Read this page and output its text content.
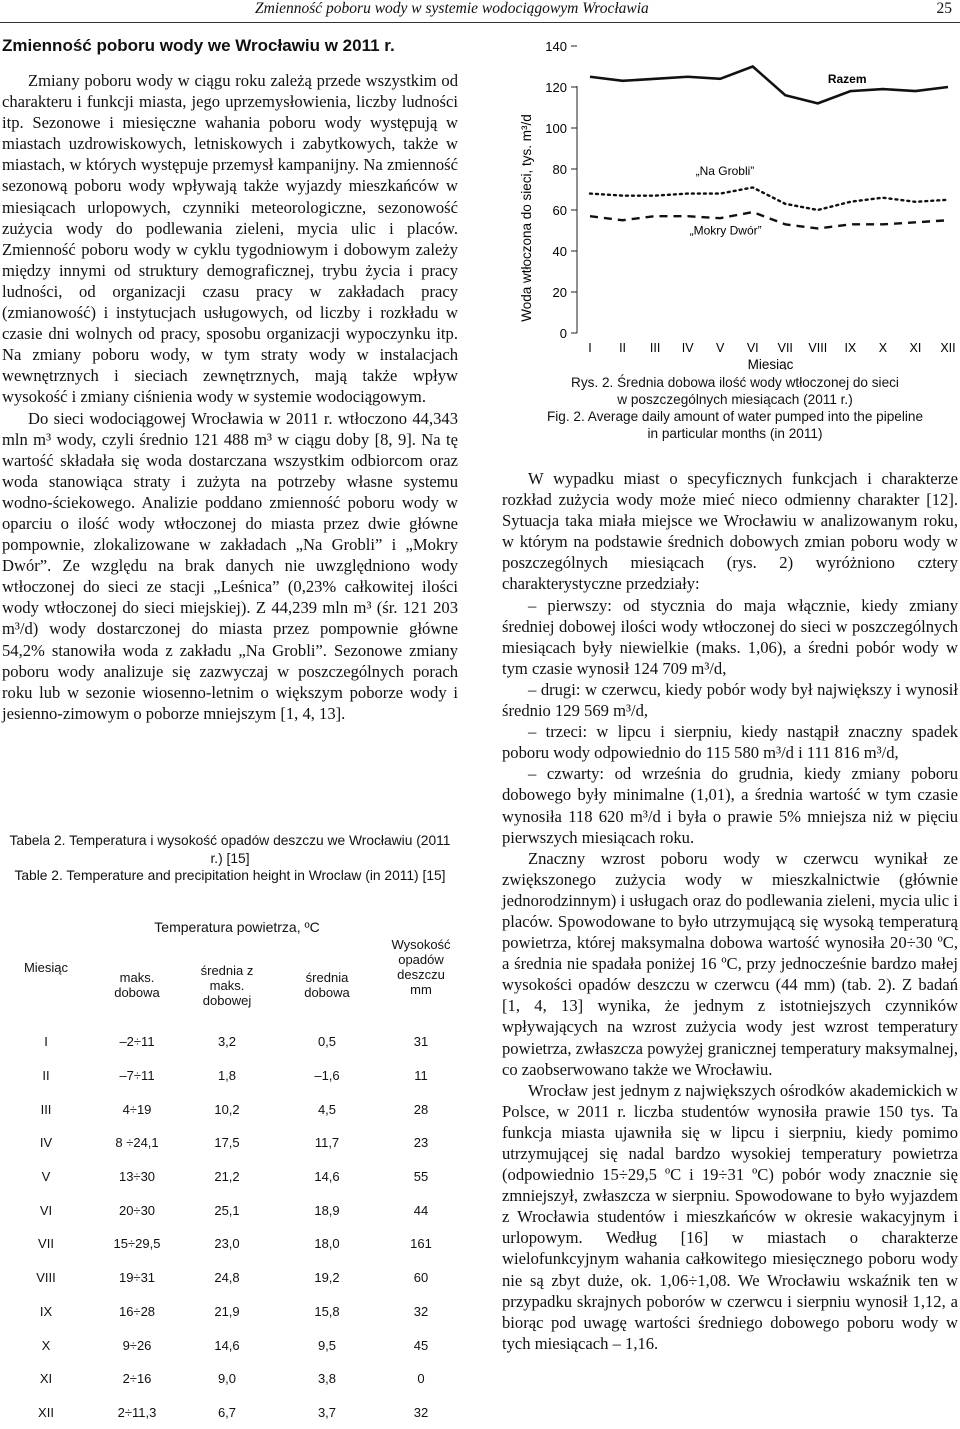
Zmienność poboru wody w systemie wodociągowym Wrocławia	25
Zmienność poboru wody we Wrocławiu w 2011 r.

Zmiany poboru wody w ciągu roku zależą przede wszystkim od charakteru i funkcji miasta, jego uprzemysłowienia, liczby ludności itp. Sezonowe i miesięczne wahania poboru wody występują w miastach uzdrowiskowych, letniskowych i zabytkowych, także w miastach, w których występuje przemysł kampanijny. Na zmienność sezonową poboru wody wpływają także wyjazdy mieszkańców w miesiącach urlopowych, czynniki meteorologiczne, sezonowość zużycia wody do podlewania zieleni, mycia ulic i placów. Zmienność poboru wody w cyklu tygodniowym i dobowym zależy między innymi od struktury demograficznej, trybu życia i pracy ludności, od organizacji czasu pracy w zakładach pracy (zmianowość) i instytucjach usługowych, od liczby i rozkładu w czasie dni wolnych od pracy, sposobu organizacji wypoczynku itp. Na zmiany poboru wody, w tym straty wody w instalacjach wewnętrznych i sieciach zewnętrznych, mają także wpływ wysokość i zmiany ciśnienia wody w systemie wodociągowym.

Do sieci wodociągowej Wrocławia w 2011 r. wtłoczono 44,343 mln m³ wody, czyli średnio 121 488 m³ w ciągu doby [8, 9]. Na tę wartość składała się woda dostarczana wszystkim odbiorcom oraz woda stanowiąca straty i zużyta na potrzeby własne systemu wodno-ściekowego. Analizie poddano zmienność poboru wody w oparciu o ilość wody wtłoczonej do miasta przez dwie główne pompownie, zlokalizowane w zakładach „Na Grobli” i „Mokry Dwór”. Ze względu na brak danych nie uwzględniono wody wtłoczonej do sieci ze stacji „Leśnica” (0,23% całkowitej ilości wody wtłoczonej do sieci miejskiej). Z 44,239 mln m³ (śr. 121 203 m³/d) wody dostarczonej do miasta przez pompownie główne 54,2% stanowiła woda z zakładu „Na Grobli”. Sezonowe zmiany poboru wody analizuje się zazwyczaj w poszczególnych porach roku lub w sezonie wiosenno-letnim o większym poborze wody i jesienno-zimowym o poborze mniejszym [1, 4, 13].

Tabela 2. Temperatura i wysokość opadów deszczu we Wrocławiu (2011 r.) [15]
Table 2. Temperature and precipitation height in Wroclaw (in 2011) [15]
Miesiąc	Temperatura powietrza, ºC			Wysokość opadów deszczu mm
	maks. dobowa	średnia z maks. dobowej	średnia dobowa	
I	–2÷11	3,2	0,5	31
II	–7÷11	1,8	–1,6	11
III	4÷19	10,2	4,5	28
IV	8 ÷24,1	17,5	11,7	23
V	13÷30	21,2	14,6	55
VI	20÷30	25,1	18,9	44
VII	15÷29,5	23,0	18,0	161
VIII	19÷31	24,8	19,2	60
IX	16÷28	21,9	15,8	32
X	9÷26	14,6	9,5	45
XI	2÷16	9,0	3,8	0
XII	2÷11,3	6,7	3,7	32
0
20
40
60
80
100
120
140
Woda wtłoczona do sieci, tys. m³/d
I II III IV V VI VII VIII IX X XI XII
Miesiąc
Razem
„Na Grobli”
„Mokry Dwór”
Rys. 2. Średnia dobowa ilość wody wtłoczonej do sieci
w poszczególnych miesiącach (2011 r.)
Fig. 2. Average daily amount of water pumped into the pipeline
in particular months (in 2011)

W wypadku miast o specyficznych funkcjach i charakterze rozkład zużycia wody może mieć nieco odmienny charakter [12]. Sytuacja taka miała miejsce we Wrocławiu w analizowanym roku, w którym na podstawie średnich dobowych zmian poboru wody w poszczególnych miesiącach (rys. 2) wyróżniono cztery charakterystyczne przedziały:

– pierwszy: od stycznia do maja włącznie, kiedy zmiany średniej dobowej ilości wody wtłoczonej do sieci w poszczególnych miesiącach były niewielkie (maks. 1,06), a średni pobór wody w tym czasie wynosił 124 709 m³/d,

– drugi: w czerwcu, kiedy pobór wody był największy i wynosił średnio 129 569 m³/d,

– trzeci: w lipcu i sierpniu, kiedy nastąpił znaczny spadek poboru wody odpowiednio do 115 580 m³/d i 111 816 m³/d,

– czwarty: od września do grudnia, kiedy zmiany poboru dobowego były minimalne (1,01), a średnia wartość w tym czasie wynosiła 118 620 m³/d i była o prawie 5% mniejsza niż w pięciu pierwszych miesiącach roku.

Znaczny wzrost poboru wody w czerwcu wynikał ze zwiększonego zużycia wody w mieszkalnictwie (głównie jednorodzinnym) i usługach oraz do podlewania zieleni, mycia ulic i placów. Spowodowane to było utrzymującą się wysoką temperaturą powietrza, której maksymalna dobowa wartość wynosiła 20÷30 ºC, a średnia nie spadała poniżej 16 ºC, przy jednocześnie bardzo małej wysokości opadów deszczu w czerwcu (44 mm) (tab. 2). Z badań [1, 4, 13] wynika, że jednym z istotniejszych czynników wpływających na wzrost zużycia wody jest wzrost temperatury powietrza, zwłaszcza powyżej granicznej temperatury maksymalnej, co zaobserwowano także we Wrocławiu.

Wrocław jest jednym z największych ośrodków akademickich w Polsce, w 2011 r. liczba studentów wynosiła prawie 150 tys. Ta funkcja miasta ujawniła się w lipcu i sierpniu, kiedy pomimo utrzymującej się nadal bardzo wysokiej temperatury powietrza (odpowiednio 15÷29,5 ºC i 19÷31 ºC) pobór wody znacznie się zmniejszył, zwłaszcza w sierpniu. Spowodowane to było wyjazdem z Wrocławia studentów i mieszkańców w okresie wakacyjnym i urlopowym. Według [16] w miastach o charakterze wielofunkcyjnym wahania całkowitego miesięcznego poboru wody nie są zbyt duże, ok. 1,06÷1,08. We Wrocławiu wskaźnik ten w przypadku skrajnych poborów w czerwcu i sierpniu wynosił 1,12, a biorąc pod uwagę wartości średniego dobowego poboru wody w tych miesiącach – 1,16.
